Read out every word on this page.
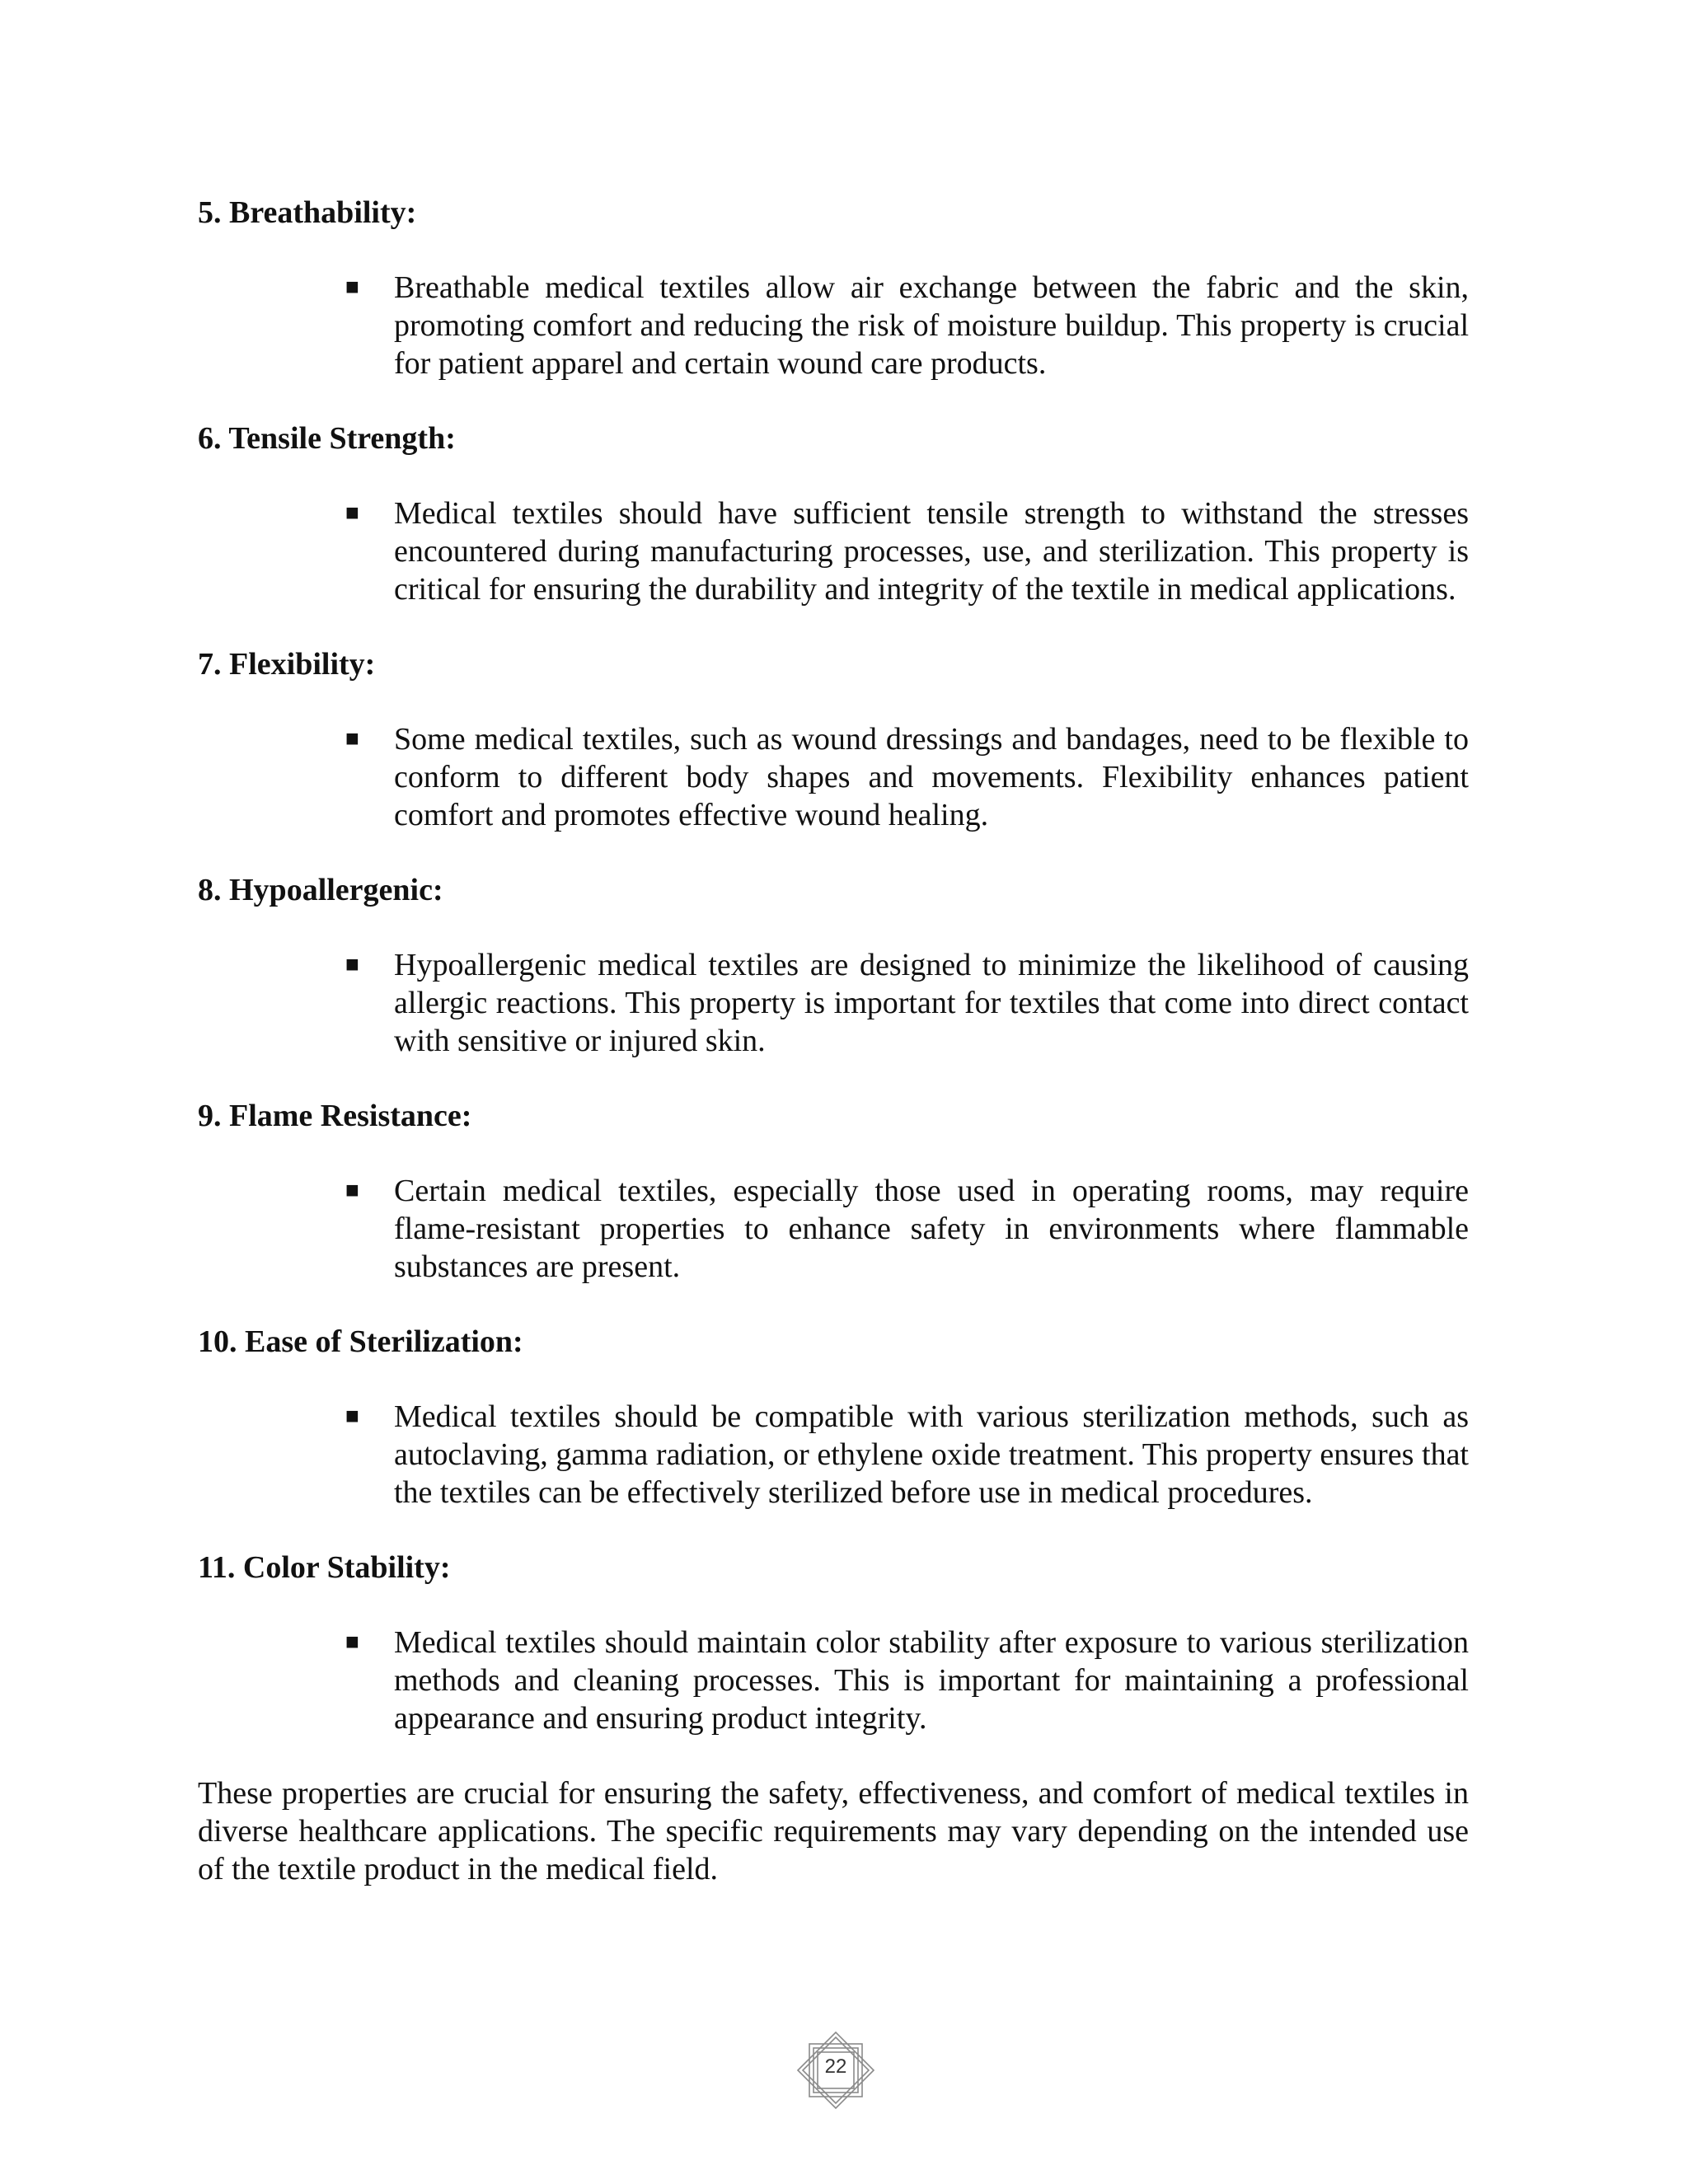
5. Breathability:
■ Breathable medical textiles allow air exchange between the fabric and the skin, promoting comfort and reducing the risk of moisture buildup. This property is crucial for patient apparel and certain wound care products.

6. Tensile Strength:
■ Medical textiles should have sufficient tensile strength to withstand the stresses encountered during manufacturing processes, use, and sterilization. This property is critical for ensuring the durability and integrity of the textile in medical applications.

7. Flexibility:
■ Some medical textiles, such as wound dressings and bandages, need to be flexible to conform to different body shapes and movements. Flexibility enhances patient comfort and promotes effective wound healing.

8. Hypoallergenic:
■ Hypoallergenic medical textiles are designed to minimize the likelihood of causing allergic reactions. This property is important for textiles that come into direct contact with sensitive or injured skin.

9. Flame Resistance:
■ Certain medical textiles, especially those used in operating rooms, may require flame-resistant properties to enhance safety in environments where flammable substances are present.

10. Ease of Sterilization:
■ Medical textiles should be compatible with various sterilization methods, such as autoclaving, gamma radiation, or ethylene oxide treatment. This property ensures that the textiles can be effectively sterilized before use in medical procedures.

11. Color Stability:
■ Medical textiles should maintain color stability after exposure to various sterilization methods and cleaning processes. This is important for maintaining a professional appearance and ensuring product integrity.

These properties are crucial for ensuring the safety, effectiveness, and comfort of medical textiles in diverse healthcare applications. The specific requirements may vary depending on the intended use of the textile product in the medical field.

22
